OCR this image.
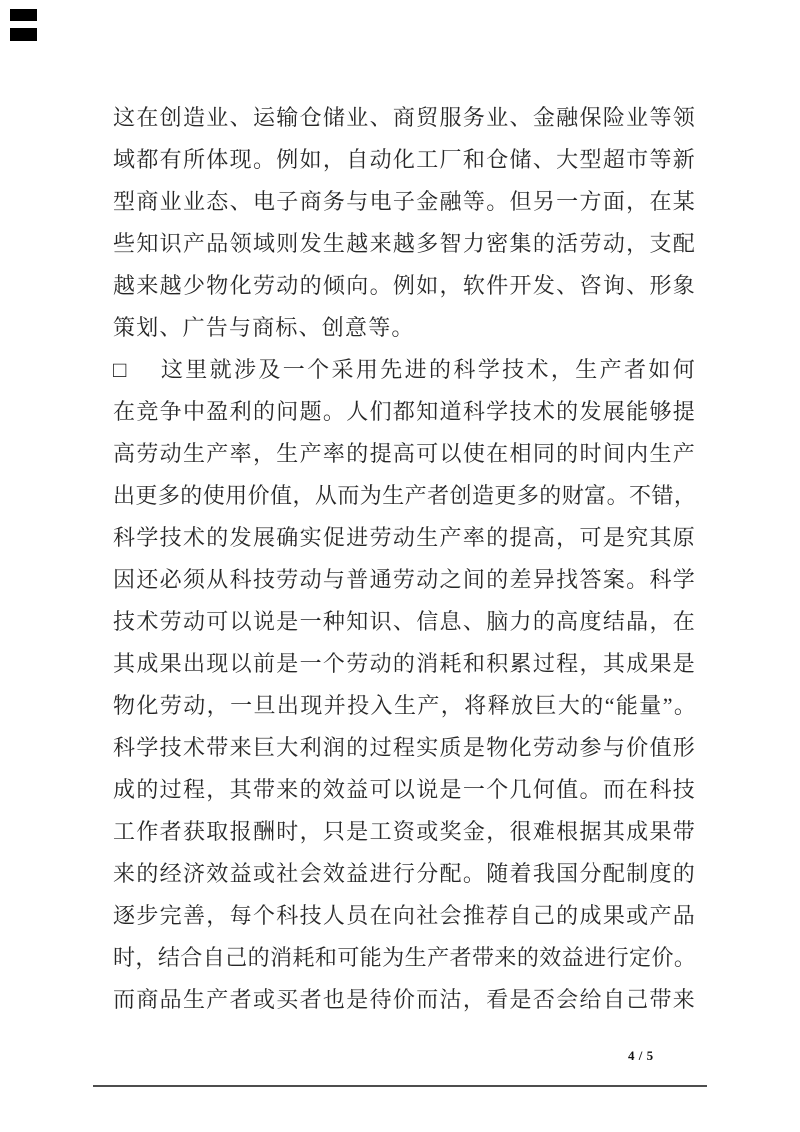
这在创造业、运输仓储业、商贸服务业、金融保险业等领
域都有所体现。例如，自动化工厂和仓储、大型超市等新
型商业业态、电子商务与电子金融等。但另一方面，在某
些知识产品领域则发生越来越多智力密集的活劳动，支配
越来越少物化劳动的倾向。例如，软件开发、咨询、形象
策划、广告与商标、创意等。
□　 这里就涉及一个采用先进的科学技术，生产者如何
在竞争中盈利的问题。人们都知道科学技术的发展能够提
高劳动生产率，生产率的提高可以使在相同的时间内生产
出更多的使用价值，从而为生产者创造更多的财富。不错，
科学技术的发展确实促进劳动生产率的提高，可是究其原
因还必须从科技劳动与普通劳动之间的差异找答案。科学
技术劳动可以说是一种知识、信息、脑力的高度结晶，在
其成果出现以前是一个劳动的消耗和积累过程，其成果是
物化劳动，一旦出现并投入生产，将释放巨大的“能量”。
科学技术带来巨大利润的过程实质是物化劳动参与价值形
成的过程，其带来的效益可以说是一个几何值。而在科技
工作者获取报酬时，只是工资或奖金，很难根据其成果带
来的经济效益或社会效益进行分配。随着我国分配制度的
逐步完善，每个科技人员在向社会推荐自己的成果或产品
时，结合自己的消耗和可能为生产者带来的效益进行定价。
而商品生产者或买者也是待价而沽，看是否会给自己带来
4 / 5
